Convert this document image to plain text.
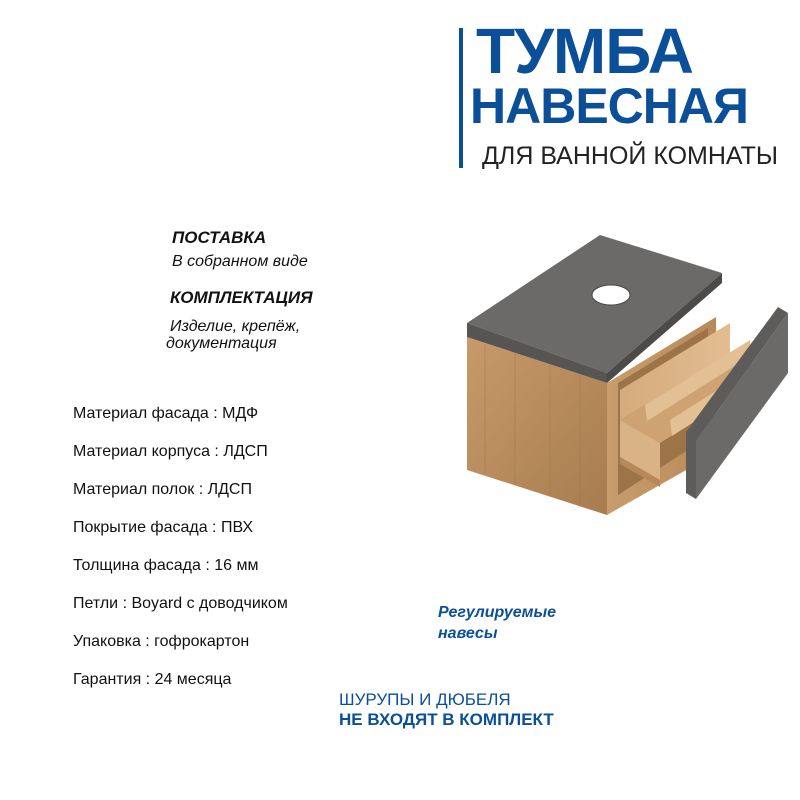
ТУМБА
НАВЕСНАЯ
ДЛЯ ВАННОЙ КОМНАТЫ
ПОСТАВКА
В собранном виде
КОМПЛЕКТАЦИЯ
Изделие, крепёж,
документация
Материал фасада : МДФ
Материал корпуса : ЛДСП
Материал полок : ЛДСП
Покрытие фасада : ПВХ
Толщина фасада : 16 мм
Петли : Boyard с доводчиком
Упаковка : гофрокартон
Гарантия : 24 месяца
Регулируемые
навесы
ШУРУПЫ И ДЮБЕЛЯ
НЕ ВХОДЯТ В КОМПЛЕКТ
